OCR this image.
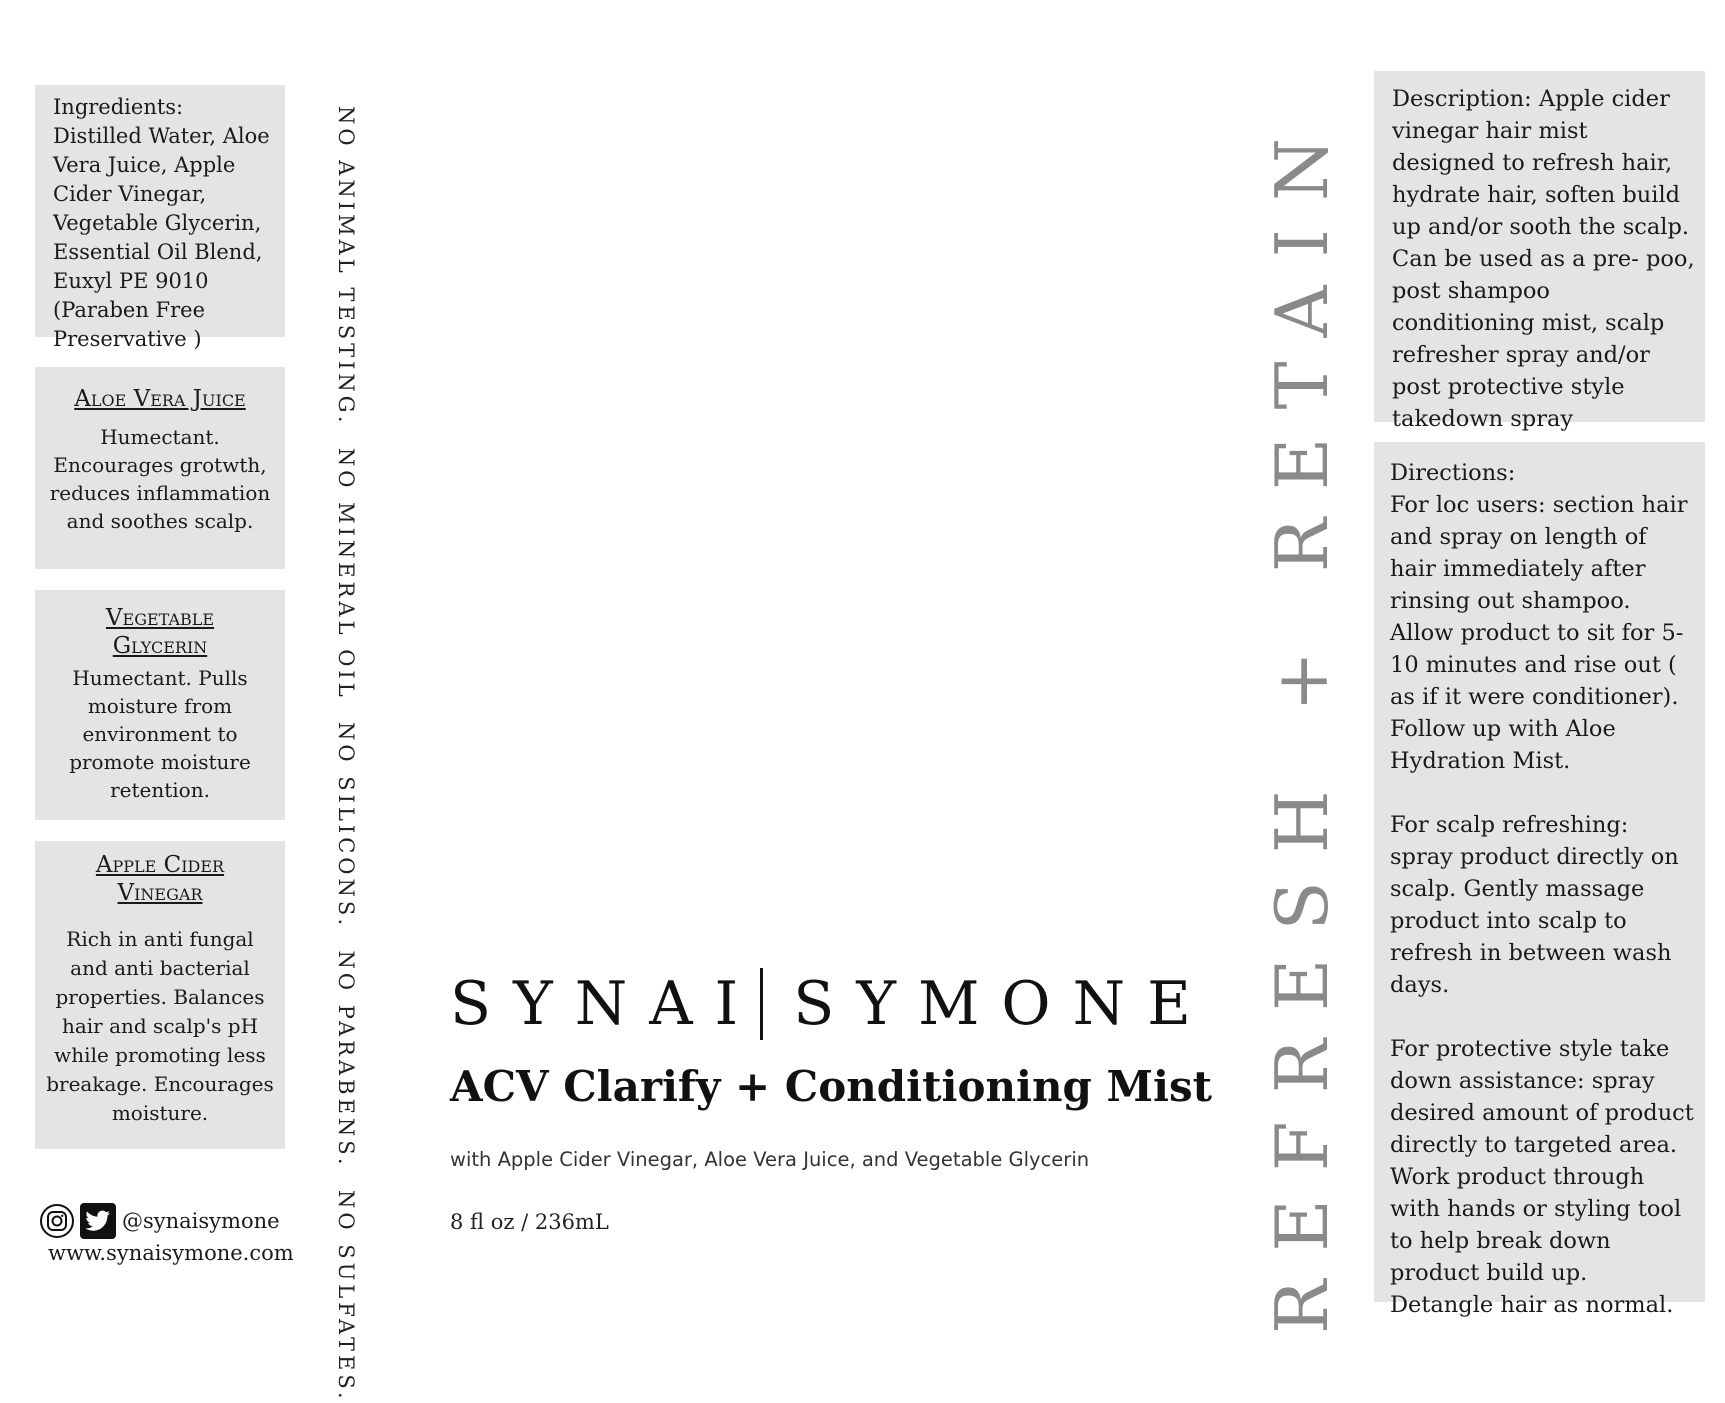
Ingredients: Distilled Water, Aloe Vera Juice, Apple Cider Vinegar, Vegetable Glycerin, Essential Oil Blend, Euxyl PE 9010 (Paraben Free Preservative )
Aloe Vera Juice
Humectant. Encourages grotwth, reduces inflammation and soothes scalp.
Vegetable Glycerin
Humectant. Pulls moisture from environment to promote moisture retention.
Apple Cider Vinegar
Rich in anti fungal and anti bacterial properties. Balances hair and scalp's pH while promoting less breakage. Encourages moisture.	NO ANIMAL TESTING.  NO MINERAL OIL  NO SILICONS.  NO PARABENS.  NO SULFATES.
@synaisymone
www.synaisymone.com
SYNAI SYMONE
ACV Clarify + Conditioning Mist
with Apple Cider Vinegar, Aloe Vera Juice, and Vegetable Glycerin
8 fl oz / 236mL	REFRESH + RETAIN
Description: Apple cider vinegar hair mist designed to refresh hair, hydrate hair, soften build up and/or sooth the scalp. Can be used as a pre- poo, post shampoo conditioning mist, scalp refresher spray and/or post protective style takedown spray
Directions:
For loc users: section hair and spray on length of hair immediately after rinsing out shampoo. Allow product to sit for 5-10 minutes and rise out ( as if it were conditioner). Follow up with Aloe Hydration Mist.
For scalp refreshing: spray product directly on scalp. Gently massage product into scalp to refresh in between wash days.
For protective style take down assistance: spray desired amount of product directly to targeted area. Work product through with hands or styling tool to help break down product build up. Detangle hair as normal.
